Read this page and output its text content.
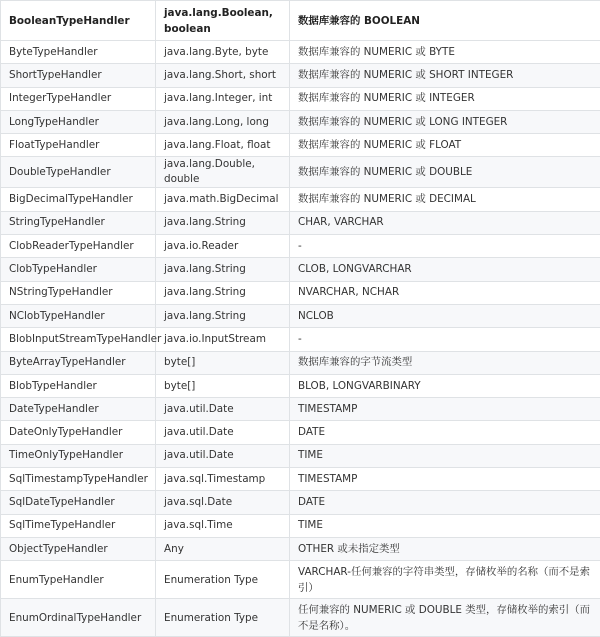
BooleanTypeHandler	java.lang.Boolean, boolean	数据库兼容的 BOOLEAN
ByteTypeHandler	java.lang.Byte, byte	数据库兼容的 NUMERIC 或 BYTE
ShortTypeHandler	java.lang.Short, short	数据库兼容的 NUMERIC 或 SHORT INTEGER
IntegerTypeHandler	java.lang.Integer, int	数据库兼容的 NUMERIC 或 INTEGER
LongTypeHandler	java.lang.Long, long	数据库兼容的 NUMERIC 或 LONG INTEGER
FloatTypeHandler	java.lang.Float, float	数据库兼容的 NUMERIC 或 FLOAT
DoubleTypeHandler	java.lang.Double, double	数据库兼容的 NUMERIC 或 DOUBLE
BigDecimalTypeHandler	java.math.BigDecimal	数据库兼容的 NUMERIC 或 DECIMAL
StringTypeHandler	java.lang.String	CHAR, VARCHAR
ClobReaderTypeHandler	java.io.Reader	-
ClobTypeHandler	java.lang.String	CLOB, LONGVARCHAR
NStringTypeHandler	java.lang.String	NVARCHAR, NCHAR
NClobTypeHandler	java.lang.String	NCLOB
BlobInputStreamTypeHandler	java.io.InputStream	-
ByteArrayTypeHandler	byte[]	数据库兼容的字节流类型
BlobTypeHandler	byte[]	BLOB, LONGVARBINARY
DateTypeHandler	java.util.Date	TIMESTAMP
DateOnlyTypeHandler	java.util.Date	DATE
TimeOnlyTypeHandler	java.util.Date	TIME
SqlTimestampTypeHandler	java.sql.Timestamp	TIMESTAMP
SqlDateTypeHandler	java.sql.Date	DATE
SqlTimeTypeHandler	java.sql.Time	TIME
ObjectTypeHandler	Any	OTHER 或未指定类型
EnumTypeHandler	Enumeration Type	VARCHAR-任何兼容的字符串类型，存储枚举的名称（而不是索引）
EnumOrdinalTypeHandler	Enumeration Type	任何兼容的 NUMERIC 或 DOUBLE 类型，存储枚举的索引（而不是名称）。
